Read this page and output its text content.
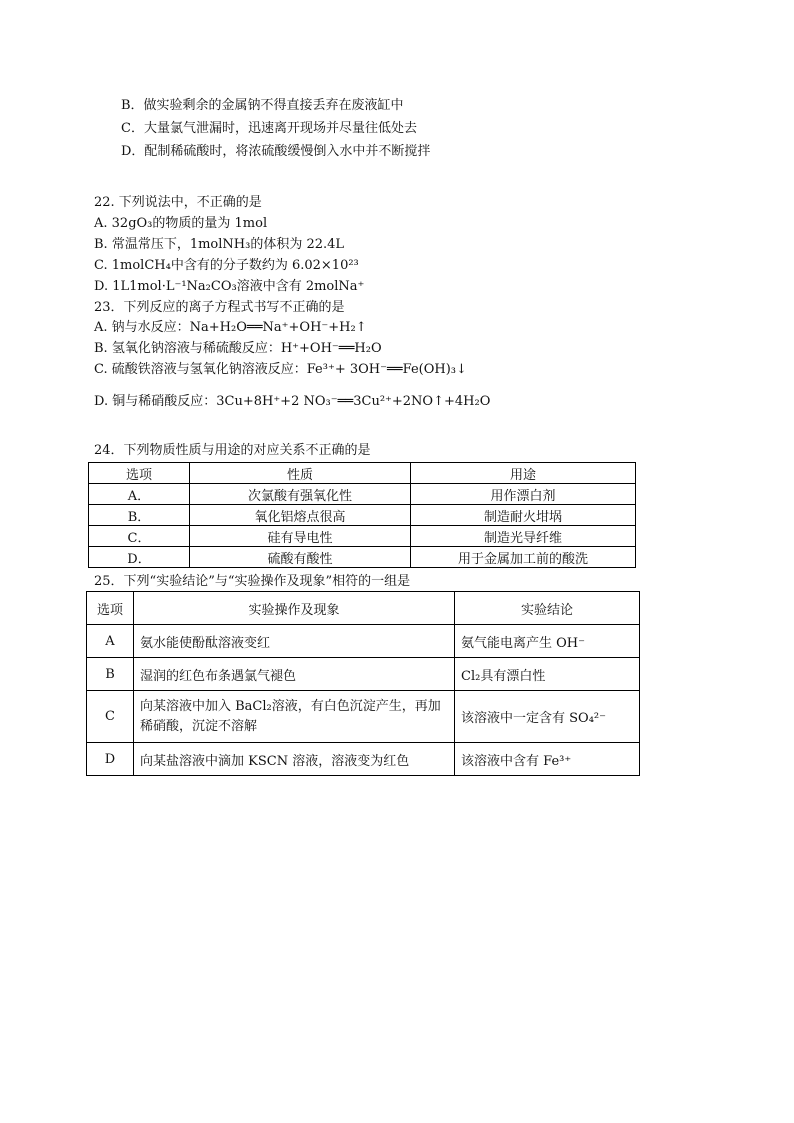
B．做实验剩余的金属钠不得直接丢弃在废液缸中
C．大量氯气泄漏时，迅速离开现场并尽量往低处去
D．配制稀硫酸时，将浓硫酸缓慢倒入水中并不断搅拌
22. 下列说法中，不正确的是
A. 32gO₃的物质的量为 1mol
B. 常温常压下，1molNH₃的体积为 22.4L
C. 1molCH₄中含有的分子数约为 6.02×10²³
D. 1L1mol·L⁻¹Na₂CO₃溶液中含有 2molNa⁺
23．下列反应的离子方程式书写不正确的是
A. 钠与水反应：Na+H₂O══Na⁺+OH⁻+H₂↑
B. 氢氧化钠溶液与稀硫酸反应：H⁺+OH⁻══H₂O
C. 硫酸铁溶液与氢氧化钠溶液反应：Fe³⁺+ 3OH⁻══Fe(OH)₃↓
D. 铜与稀硝酸反应：3Cu+8H⁺+2 NO₃⁻══3Cu²⁺+2NO↑+4H₂O
24．下列物质性质与用途的对应关系不正确的是
选项	性质	用途
A．	次氯酸有强氧化性	用作漂白剂
B．	氧化铝熔点很高	制造耐火坩埚
C．	硅有导电性	制造光导纤维
D．	硫酸有酸性	用于金属加工前的酸洗
25．下列“实验结论”与“实验操作及现象”相符的一组是
选项	实验操作及现象	实验结论
A	氨水能使酚酞溶液变红	氨气能电离产生 OH⁻
B	湿润的红色布条遇氯气褪色	Cl₂具有漂白性
C	向某溶液中加入 BaCl₂溶液，有白色沉淀产生，再加稀硝酸，沉淀不溶解	该溶液中一定含有 SO₄²⁻
D	向某盐溶液中滴加 KSCN 溶液，溶液变为红色	该溶液中含有 Fe³⁺
